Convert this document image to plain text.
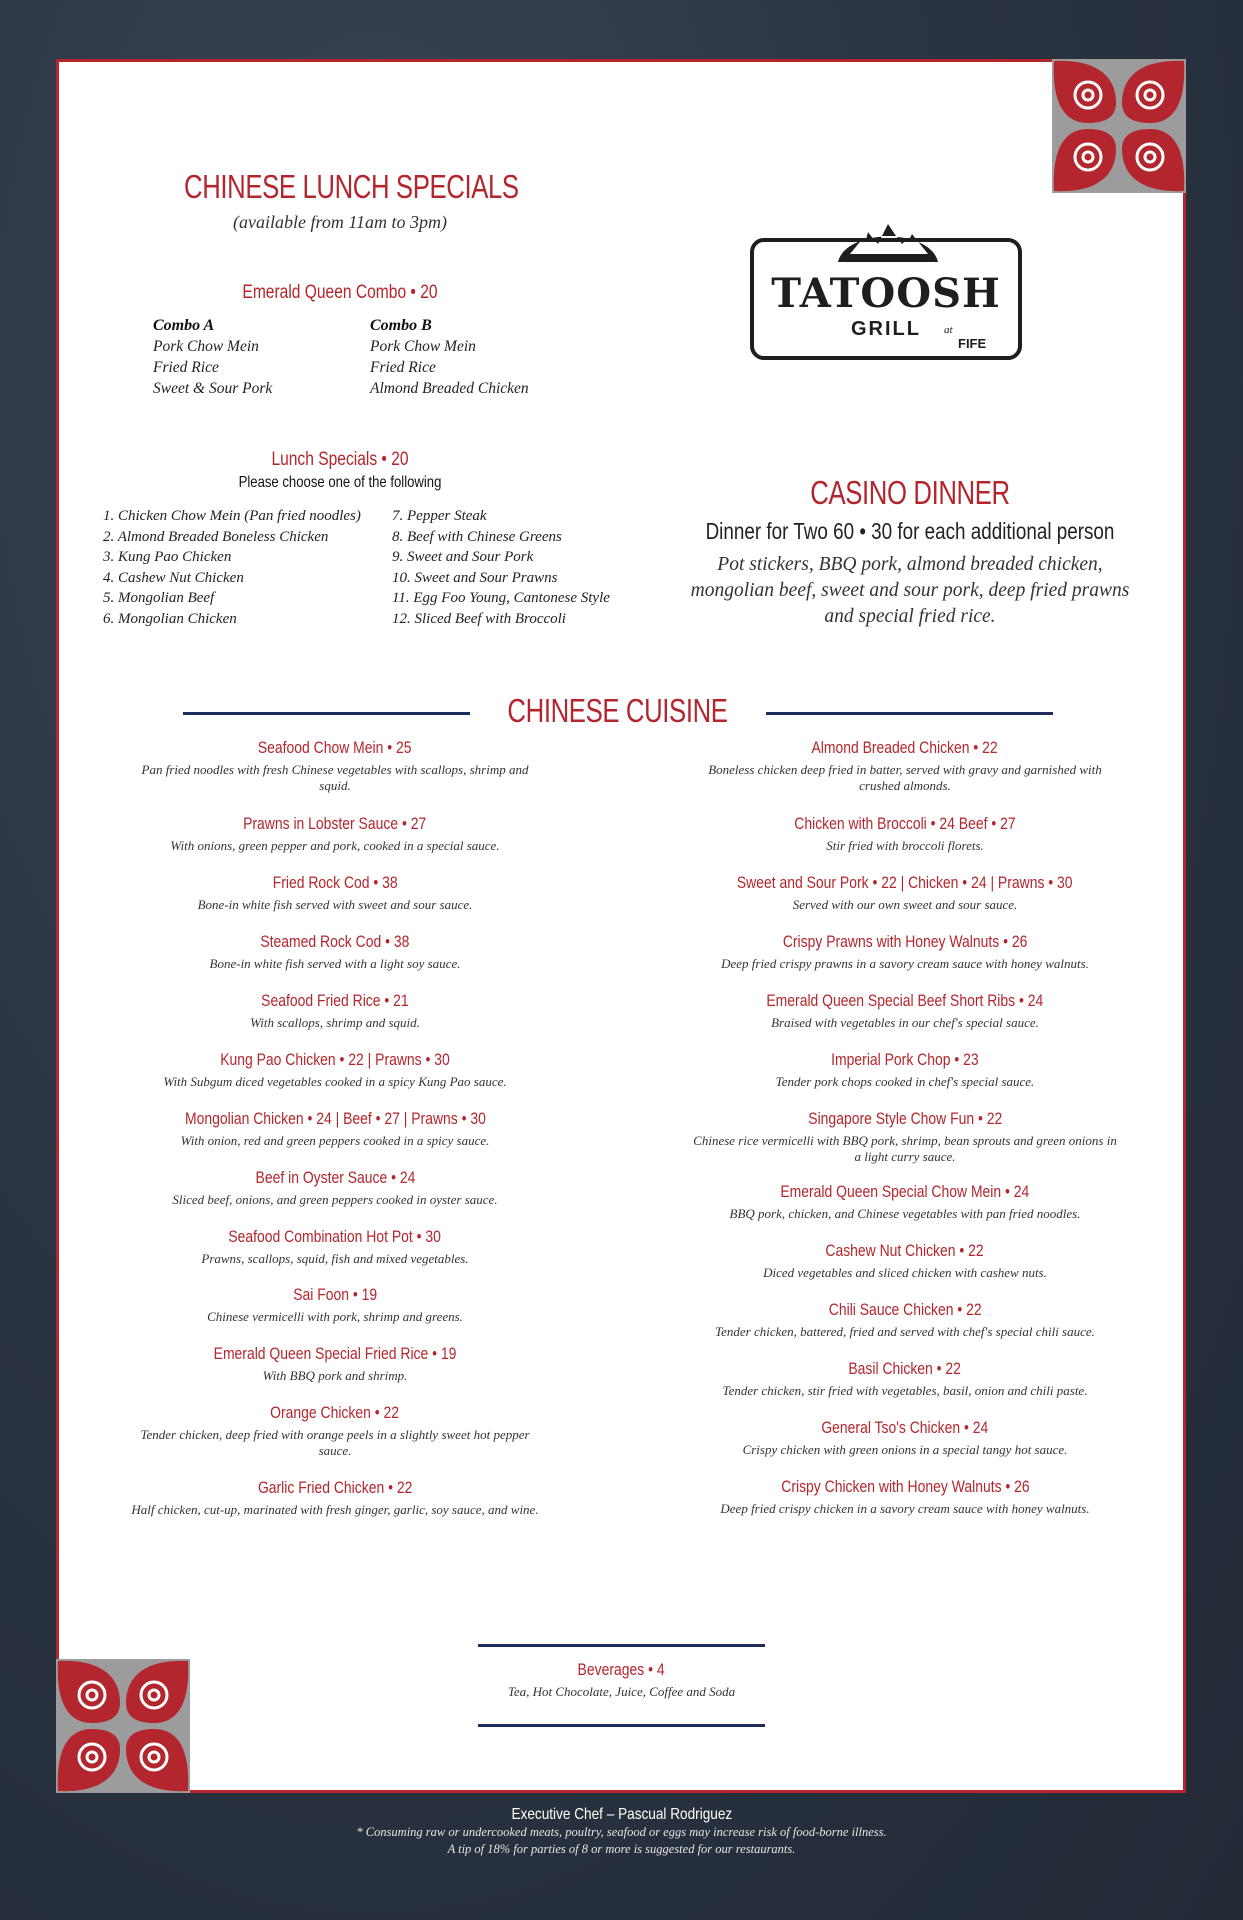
CHINESE LUNCH SPECIALS
(available from 11am to 3pm)
Emerald Queen Combo • 20
Combo A
Pork Chow Mein
Fried Rice
Sweet & Sour Pork
Combo B
Pork Chow Mein
Fried Rice
Almond Breaded Chicken
Lunch Specials • 20
Please choose one of the following
1. Chicken Chow Mein (Pan fried noodles)
2. Almond Breaded Boneless Chicken
3. Kung Pao Chicken
4. Cashew Nut Chicken
5. Mongolian Beef
6. Mongolian Chicken
7. Pepper Steak
8. Beef with Chinese Greens
9. Sweet and Sour Pork
10. Sweet and Sour Prawns
11. Egg Foo Young, Cantonese Style
12. Sliced Beef with Broccoli
TATOOSH
GRILL	at
FIFE
CASINO DINNER
Dinner for Two 60 • 30 for each additional person
Pot stickers, BBQ pork, almond breaded chicken, mongolian beef, sweet and sour pork, deep fried prawns and special fried rice.
CHINESE CUISINE
Seafood Chow Mein • 25
Pan fried noodles with fresh Chinese vegetables with scallops, shrimp and squid.
Prawns in Lobster Sauce • 27
With onions, green pepper and pork, cooked in a special sauce.
Fried Rock Cod • 38
Bone-in white fish served with sweet and sour sauce.
Steamed Rock Cod • 38
Bone-in white fish served with a light soy sauce.
Seafood Fried Rice • 21
With scallops, shrimp and squid.
Kung Pao Chicken • 22 | Prawns • 30
With Subgum diced vegetables cooked in a spicy Kung Pao sauce.
Mongolian Chicken • 24 | Beef • 27 | Prawns • 30
With onion, red and green peppers cooked in a spicy sauce.
Beef in Oyster Sauce • 24
Sliced beef, onions, and green peppers cooked in oyster sauce.
Seafood Combination Hot Pot • 30
Prawns, scallops, squid, fish and mixed vegetables.
Sai Foon • 19
Chinese vermicelli with pork, shrimp and greens.
Emerald Queen Special Fried Rice • 19
With BBQ pork and shrimp.
Orange Chicken • 22
Tender chicken, deep fried with orange peels in a slightly sweet hot pepper sauce.
Garlic Fried Chicken • 22
Half chicken, cut-up, marinated with fresh ginger, garlic, soy sauce, and wine.
Almond Breaded Chicken • 22
Boneless chicken deep fried in batter, served with gravy and garnished with crushed almonds.
Chicken with Broccoli • 24 Beef • 27
Stir fried with broccoli florets.
Sweet and Sour Pork • 22 | Chicken • 24 | Prawns • 30
Served with our own sweet and sour sauce.
Crispy Prawns with Honey Walnuts • 26
Deep fried crispy prawns in a savory cream sauce with honey walnuts.
Emerald Queen Special Beef Short Ribs • 24
Braised with vegetables in our chef's special sauce.
Imperial Pork Chop • 23
Tender pork chops cooked in chef's special sauce.
Singapore Style Chow Fun • 22
Chinese rice vermicelli with BBQ pork, shrimp, bean sprouts and green onions in a light curry sauce.
Emerald Queen Special Chow Mein • 24
BBQ pork, chicken, and Chinese vegetables with pan fried noodles.
Cashew Nut Chicken • 22
Diced vegetables and sliced chicken with cashew nuts.
Chili Sauce Chicken • 22
Tender chicken, battered, fried and served with chef's special chili sauce.
Basil Chicken • 22
Tender chicken, stir fried with vegetables, basil, onion and chili paste.
General Tso's Chicken • 24
Crispy chicken with green onions in a special tangy hot sauce.
Crispy Chicken with Honey Walnuts • 26
Deep fried crispy chicken in a savory cream sauce with honey walnuts.
Beverages • 4
Tea, Hot Chocolate, Juice, Coffee and Soda
Executive Chef – Pascual Rodriguez
* Consuming raw or undercooked meats, poultry, seafood or eggs may increase risk of food-borne illness.
A tip of 18% for parties of 8 or more is suggested for our restaurants.
